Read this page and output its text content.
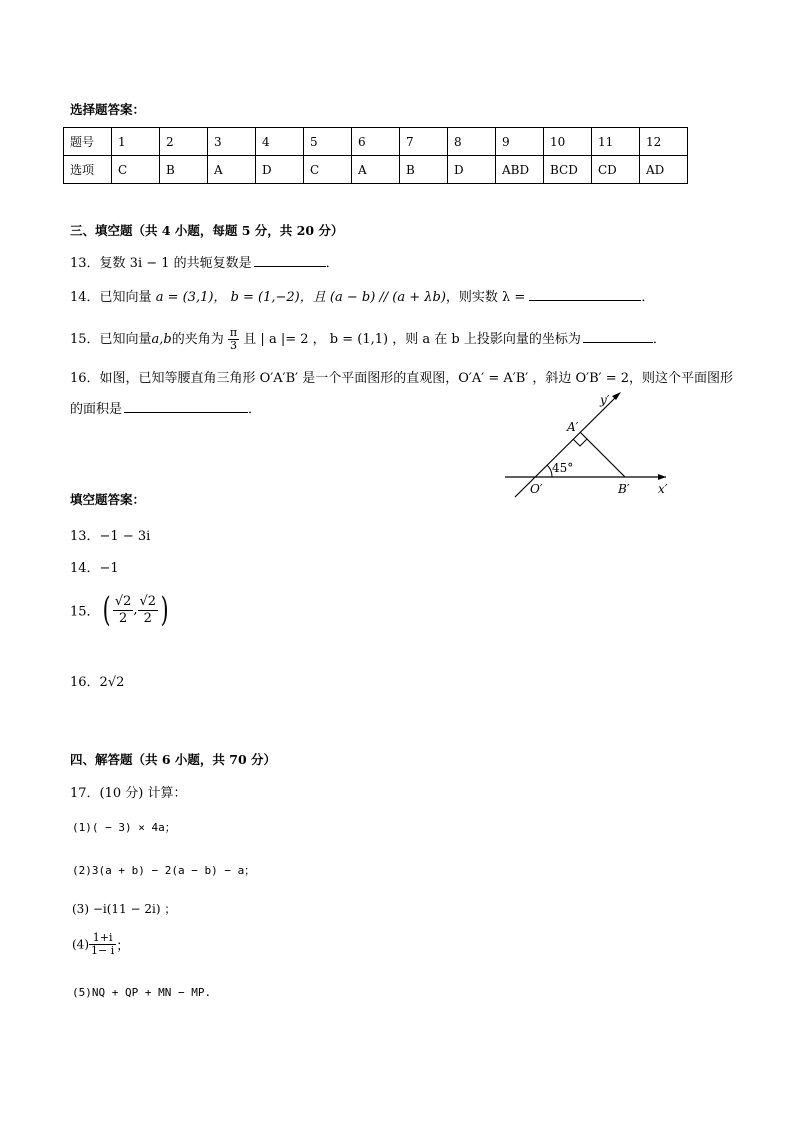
选择题答案：
题号	1	2	3	4	5	6	7	8	9	10	11	12
选项	C	B	A	D	C	A	B	D	ABD	BCD	CD	AD
三、填空题（共 4 小题，每题 5 分，共 20 分）
13．复数 3i − 1 的共轭复数是	．
14．已知向量 a = (3,1)， b = (1,−2)，且 (a − b) // (a + λb)，则实数 λ =	．
15．已知向量a,b的夹角为 $\frac{\pi}{3}$ 且 | a |= 2 ， b = (1,1) ，则 a 在 b 上投影向量的坐标为	．
16．如图，已知等腰直角三角形 O′A′B′ 是一个平面图形的直观图，O′A′ = A′B′ ，斜边 O′B′ = 2，则这个平面图形
的面积是	．
y′
A′
45°
O′	B′ x′
填空题答案：
13．−1 − 3i
14．−1
15．( $\frac{√2}{2}$ , $\frac{√2}{2}$ )
16．2√2
四、解答题（共 6 小题，共 70 分）
17．(10 分) 计算：
(1)( − 3) × 4a；
(2)3(a + b) − 2(a − b) − a；
(3) −i(11 − 2i) ；
$(4) \frac{1+i}{1- i}$ ；
(5)NQ + QP + MN − MP.
